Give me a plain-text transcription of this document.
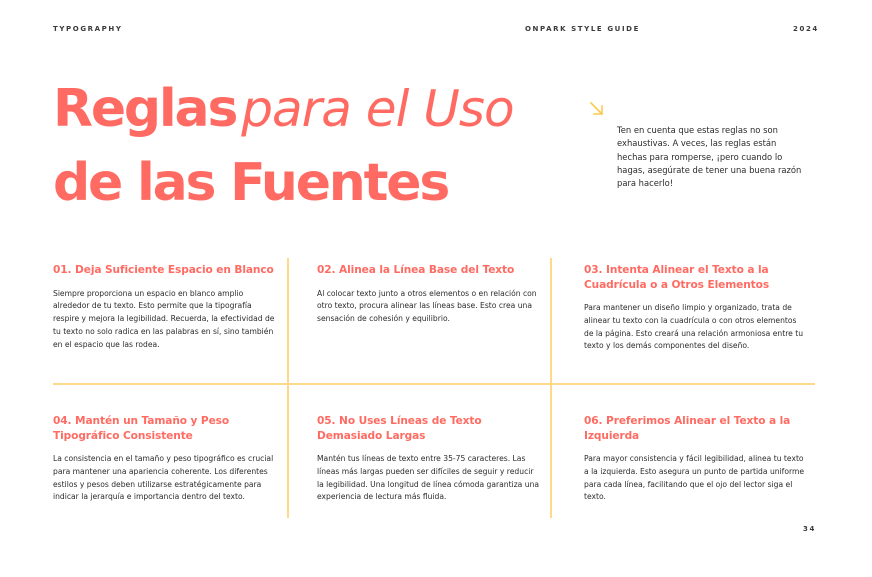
TYPOGRAPHY	ONPARK STYLE GUIDE	2024
Reglas para el Uso
de las Fuentes
Ten en cuenta que estas reglas no son exhaustivas. A veces, las reglas están hechas para romperse, ¡pero cuando lo hagas, asegúrate de tener una buena razón para hacerlo!
01. Deja Suficiente Espacio en Blanco

Siempre proporciona un espacio en blanco amplio alrededor de tu texto. Esto permite que la tipografía respire y mejora la legibilidad. Recuerda, la efectividad de tu texto no solo radica en las palabras en sí, sino también en el espacio que las rodea.

02. Alinea la Línea Base del Texto

Al colocar texto junto a otros elementos o en relación con otro texto, procura alinear las líneas base. Esto crea una sensación de cohesión y equilibrio.

03. Intenta Alinear el Texto a la Cuadrícula o a Otros Elementos

Para mantener un diseño limpio y organizado, trata de alinear tu texto con la cuadrícula o con otros elementos de la página. Esto creará una relación armoniosa entre tu texto y los demás componentes del diseño.

04. Mantén un Tamaño y Peso Tipográfico Consistente

La consistencia en el tamaño y peso tipográfico es crucial para mantener una apariencia coherente. Los diferentes estilos y pesos deben utilizarse estratégicamente para indicar la jerarquía e importancia dentro del texto.

05. No Uses Líneas de Texto Demasiado Largas

Mantén tus líneas de texto entre 35-75 caracteres. Las líneas más largas pueden ser difíciles de seguir y reducir la legibilidad. Una longitud de línea cómoda garantiza una experiencia de lectura más fluida.

06. Preferimos Alinear el Texto a la Izquierda

Para mayor consistencia y fácil legibilidad, alinea tu texto a la izquierda. Esto asegura un punto de partida uniforme para cada línea, facilitando que el ojo del lector siga el texto.

34
